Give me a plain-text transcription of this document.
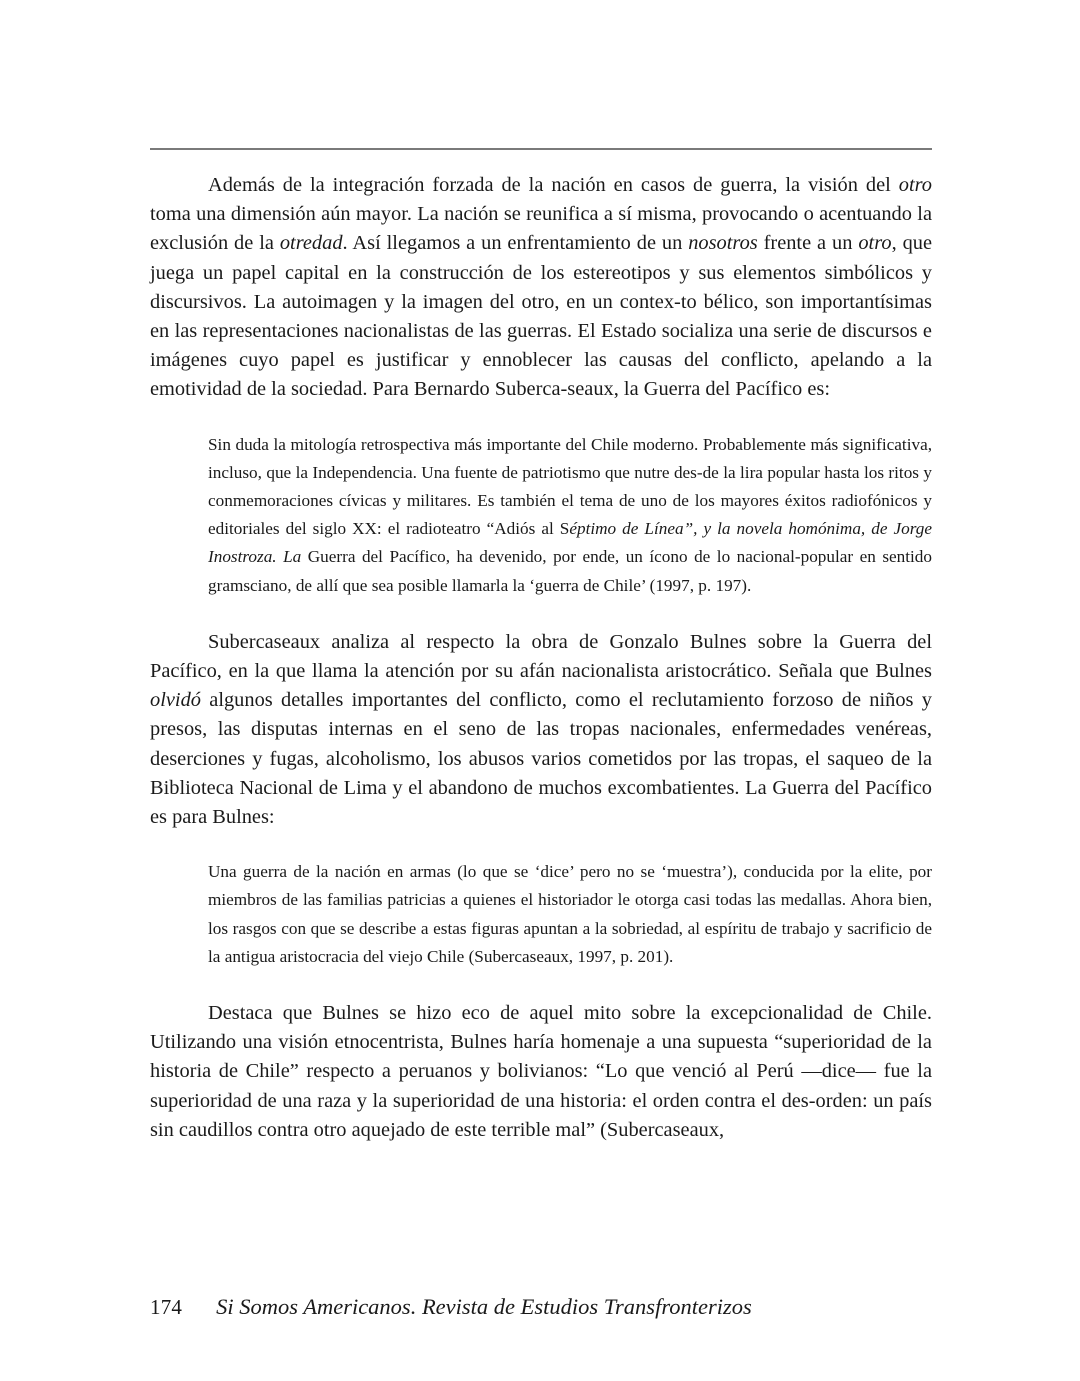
Además de la integración forzada de la nación en casos de guerra, la visión del otro toma una dimensión aún mayor. La nación se reunifica a sí misma, provocando o acentuando la exclusión de la otredad. Así llegamos a un enfrentamiento de un nosotros frente a un otro, que juega un papel capital en la construcción de los estereotipos y sus elementos simbólicos y discursivos. La autoimagen y la imagen del otro, en un contex-to bélico, son importantísimas en las representaciones nacionalistas de las guerras. El Estado socializa una serie de discursos e imágenes cuyo papel es justificar y ennoblecer las causas del conflicto, apelando a la emotividad de la sociedad. Para Bernardo Suberca-seaux, la Guerra del Pacífico es:

Sin duda la mitología retrospectiva más importante del Chile moderno. Probablemente más significativa, incluso, que la Independencia. Una fuente de patriotismo que nutre des-de la lira popular hasta los ritos y conmemoraciones cívicas y militares. Es también el tema de uno de los mayores éxitos radiofónicos y editoriales del siglo XX: el radioteatro “Adiós al Séptimo de Línea”, y la novela homónima, de Jorge Inostroza. La Guerra del Pacífico, ha devenido, por ende, un ícono de lo nacional-popular en sentido gramsciano, de allí que sea posible llamarla la ‘guerra de Chile’ (1997, p. 197).

Subercaseaux analiza al respecto la obra de Gonzalo Bulnes sobre la Guerra del Pacífico, en la que llama la atención por su afán nacionalista aristocrático. Señala que Bulnes olvidó algunos detalles importantes del conflicto, como el reclutamiento forzoso de niños y presos, las disputas internas en el seno de las tropas nacionales, enfermedades venéreas, deserciones y fugas, alcoholismo, los abusos varios cometidos por las tropas, el saqueo de la Biblioteca Nacional de Lima y el abandono de muchos excombatientes. La Guerra del Pacífico es para Bulnes:

Una guerra de la nación en armas (lo que se ‘dice’ pero no se ‘muestra’), conducida por la elite, por miembros de las familias patricias a quienes el historiador le otorga casi todas las medallas. Ahora bien, los rasgos con que se describe a estas figuras apuntan a la sobriedad, al espíritu de trabajo y sacrificio de la antigua aristocracia del viejo Chile (Subercaseaux, 1997, p. 201).

Destaca que Bulnes se hizo eco de aquel mito sobre la excepcionalidad de Chile. Utilizando una visión etnocentrista, Bulnes haría homenaje a una supuesta “superioridad de la historia de Chile” respecto a peruanos y bolivianos: “Lo que venció al Perú —dice— fue la superioridad de una raza y la superioridad de una historia: el orden contra el des-orden: un país sin caudillos contra otro aquejado de este terrible mal” (Subercaseaux,

174 Si Somos Americanos. Revista de Estudios Transfronterizos
